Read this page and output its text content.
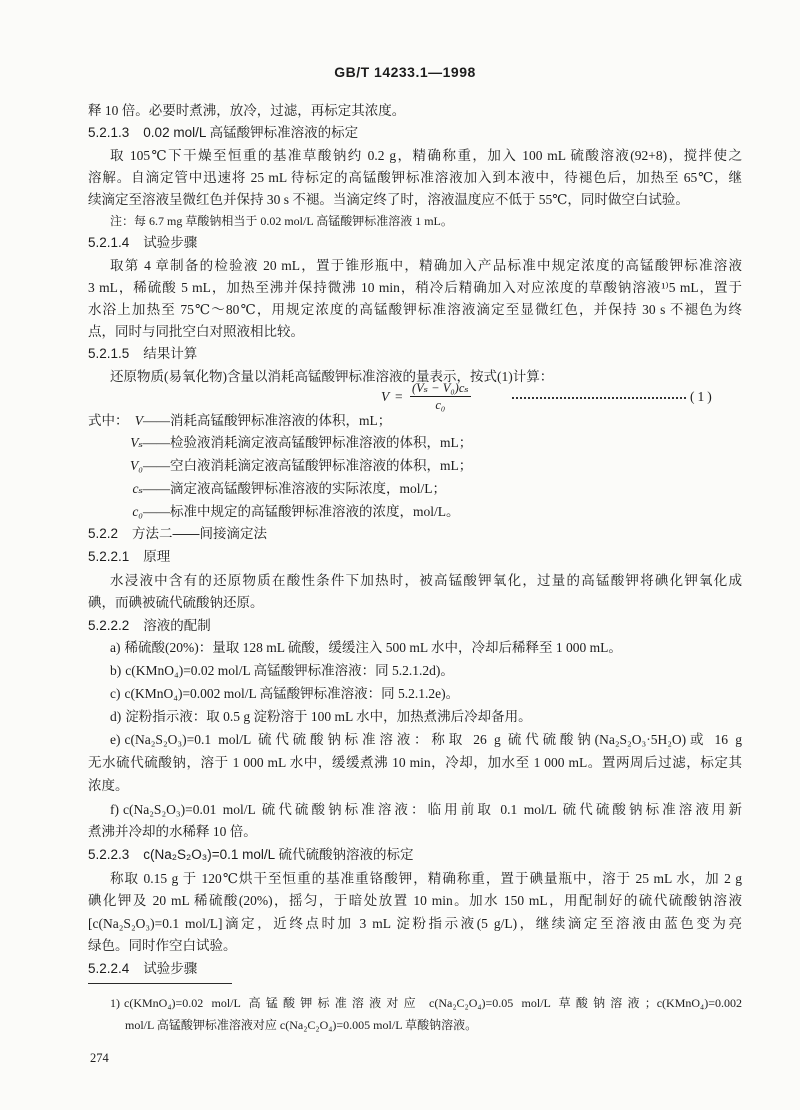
GB/T 14233.1—1998
释 10 倍。必要时煮沸，放冷，过滤，再标定其浓度。
5.2.1.3 0.02 mol/L 高锰酸钾标准溶液的标定
取 105℃下干燥至恒重的基准草酸钠约 0.2 g，精确称重，加入 100 mL 硫酸溶液(92+8)，搅拌使之
溶解。自滴定管中迅速将 25 mL 待标定的高锰酸钾标准溶液加入到本液中，待褪色后，加热至 65℃，继
续滴定至溶液呈微红色并保持 30 s 不褪。当滴定终了时，溶液温度应不低于 55℃，同时做空白试验。
注：每 6.7 mg 草酸钠相当于 0.02 mol/L 高锰酸钾标准溶液 1 mL。
5.2.1.4 试验步骤
取第 4 章制备的检验液 20 mL，置于锥形瓶中，精确加入产品标准中规定浓度的高锰酸钾标准溶液
3 mL，稀硫酸 5 mL，加热至沸并保持微沸 10 min，稍冷后精确加入对应浓度的草酸钠溶液¹⁾5 mL，置于
水浴上加热至 75℃～80℃，用规定浓度的高锰酸钾标准溶液滴定至显微红色，并保持 30 s 不褪色为终
点，同时与同批空白对照液相比较。
5.2.1.5 结果计算
还原物质(易氧化物)含量以消耗高锰酸钾标准溶液的量表示，按式(1)计算：
$V = \frac{\text{(Vₛ − V₀)cₛ}}{\text{c₀}}$	(1)
式中： V——消耗高锰酸钾标准溶液的体积，mL；
Vₛ——检验液消耗滴定液高锰酸钾标准溶液的体积，mL；
V₀——空白液消耗滴定液高锰酸钾标准溶液的体积，mL；
cₛ——滴定液高锰酸钾标准溶液的实际浓度，mol/L；
c₀——标准中规定的高锰酸钾标准溶液的浓度，mol/L。
5.2.2 方法二——间接滴定法
5.2.2.1 原理
水浸液中含有的还原物质在酸性条件下加热时，被高锰酸钾氧化，过量的高锰酸钾将碘化钾氧化成
碘，而碘被硫代硫酸钠还原。
5.2.2.2 溶液的配制
a) 稀硫酸(20%)：量取 128 mL 硫酸，缓缓注入 500 mL 水中，冷却后稀释至 1 000 mL。
b) c(KMnO₄)=0.02 mol/L 高锰酸钾标准溶液：同 5.2.1.2d)。
c) c(KMnO₄)=0.002 mol/L 高锰酸钾标准溶液：同 5.2.1.2e)。
d) 淀粉指示液：取 0.5 g 淀粉溶于 100 mL 水中，加热煮沸后冷却备用。
e) c(Na₂S₂O₃)=0.1 mol/L 硫代硫酸钠标准溶液：称取 26 g 硫代硫酸钠(Na₂S₂O₃·5H₂O)或 16 g
无水硫代硫酸钠，溶于 1 000 mL 水中，缓缓煮沸 10 min，冷却，加水至 1 000 mL。置两周后过滤，标定其
浓度。
f) c(Na₂S₂O₃)=0.01 mol/L 硫代硫酸钠标准溶液：临用前取 0.1 mol/L 硫代硫酸钠标准溶液用新
煮沸并冷却的水稀释 10 倍。
5.2.2.3 c(Na₂S₂O₃)=0.1 mol/L 硫代硫酸钠溶液的标定
称取 0.15 g 于 120℃烘干至恒重的基准重铬酸钾，精确称重，置于碘量瓶中，溶于 25 mL 水，加 2 g
碘化钾及 20 mL 稀硫酸(20%)，摇匀，于暗处放置 10 min。加水 150 mL，用配制好的硫代硫酸钠溶液
[c(Na₂S₂O₃)=0.1 mol/L]滴定，近终点时加 3 mL 淀粉指示液(5 g/L)，继续滴定至溶液由蓝色变为亮
绿色。同时作空白试验。
5.2.2.4 试验步骤
1) c(KMnO₄)=0.02 mol/L 高锰酸钾标准溶液对应 c(Na₂C₂O₄)=0.05 mol/L 草酸钠溶液；c(KMnO₄)=0.002
mol/L 高锰酸钾标准溶液对应 c(Na₂C₂O₄)=0.005 mol/L 草酸钠溶液。
274
